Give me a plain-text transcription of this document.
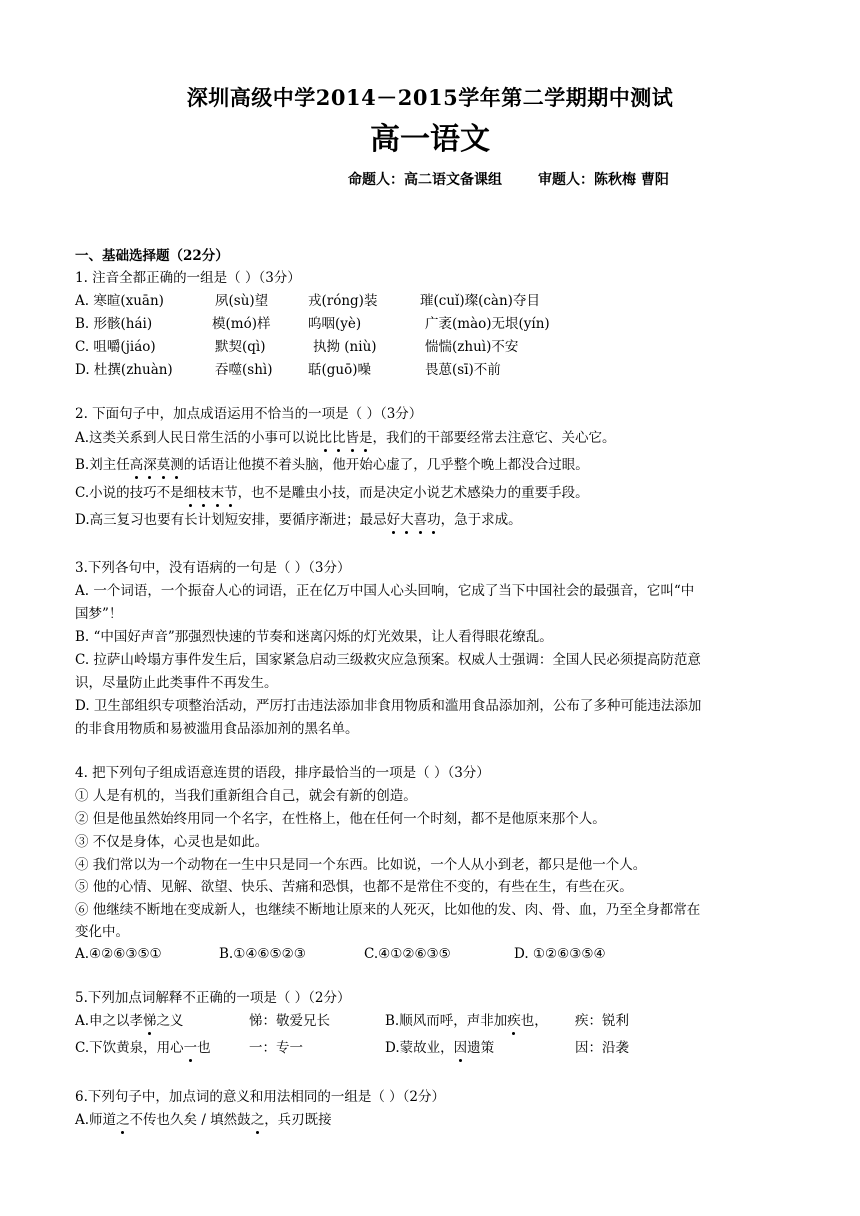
深圳高级中学2014－2015学年第二学期期中测试
高一语文
命题人：高二语文备课组	审题人：陈秋梅 曹阳
一、基础选择题（22分）
1. 注音全都正确的一组是（ ）（3分）
A. 寒暄(xuān)	夙(sù)望	戎(róng)装	璀(cuǐ)璨(càn)夺目
B. 形骸(hái)	模(mó)样	呜咽(yè)	广袤(mào)无垠(yín)
C. 咀嚼(jiáo)	默契(qì)	执拗 (niù)	惴惴(zhuì)不安
D. 杜撰(zhuàn)	吞噬(shì)	聒(guō)噪	畏葸(sī)不前
2. 下面句子中，加点成语运用不恰当的一项是（ ）（3分）
A.这类关系到人民日常生活的小事可以说比比皆是，我们的干部要经常去注意它、关心它。
B.刘主任高深莫测的话语让他摸不着头脑，他开始心虚了，几乎整个晚上都没合过眼。
C.小说的技巧不是细枝末节，也不是雕虫小技，而是决定小说艺术感染力的重要手段。
D.高三复习也要有长计划短安排，要循序渐进；最忌好大喜功，急于求成。
3.下列各句中，没有语病的一句是（ ）（3分）
A. 一个词语，一个振奋人心的词语，正在亿万中国人心头回响，它成了当下中国社会的最强音，它叫“中
国梦”！
B. “中国好声音”那强烈快速的节奏和迷离闪烁的灯光效果，让人看得眼花缭乱。
C. 拉萨山岭塌方事件发生后，国家紧急启动三级救灾应急预案。权威人士强调：全国人民必须提高防范意
识，尽量防止此类事件不再发生。
D. 卫生部组织专项整治活动，严厉打击违法添加非食用物质和滥用食品添加剂，公布了多种可能违法添加
的非食用物质和易被滥用食品添加剂的黑名单。
4. 把下列句子组成语意连贯的语段，排序最恰当的一项是（ ）（3分）
① 人是有机的，当我们重新组合自己，就会有新的创造。
② 但是他虽然始终用同一个名字，在性格上，他在任何一个时刻，都不是他原来那个人。
③ 不仅是身体，心灵也是如此。
④ 我们常以为一个动物在一生中只是同一个东西。比如说，一个人从小到老，都只是他一个人。
⑤ 他的心情、见解、欲望、快乐、苦痛和恐惧，也都不是常住不变的，有些在生，有些在灭。
⑥ 他继续不断地在变成新人，也继续不断地让原来的人死灭，比如他的发、肉、骨、血，乃至全身都常在
变化中。
A.④②⑥③⑤①	B.①④⑥⑤②③	C.④①②⑥③⑤	D. ①②⑥③⑤④
5.下列加点词解释不正确的一项是（ ）（2分）
A.申之以孝悌之义	悌：敬爱兄长	B.顺风而呼，声非加疾也， 疾：锐利
C.下饮黄泉，用心一也	一：专一	D.蒙故业，因遗策	因：沿袭
6.下列句子中，加点词的意义和用法相同的一组是（ ）（2分）
A.师道之不传也久矣 / 填然鼓之，兵刃既接
